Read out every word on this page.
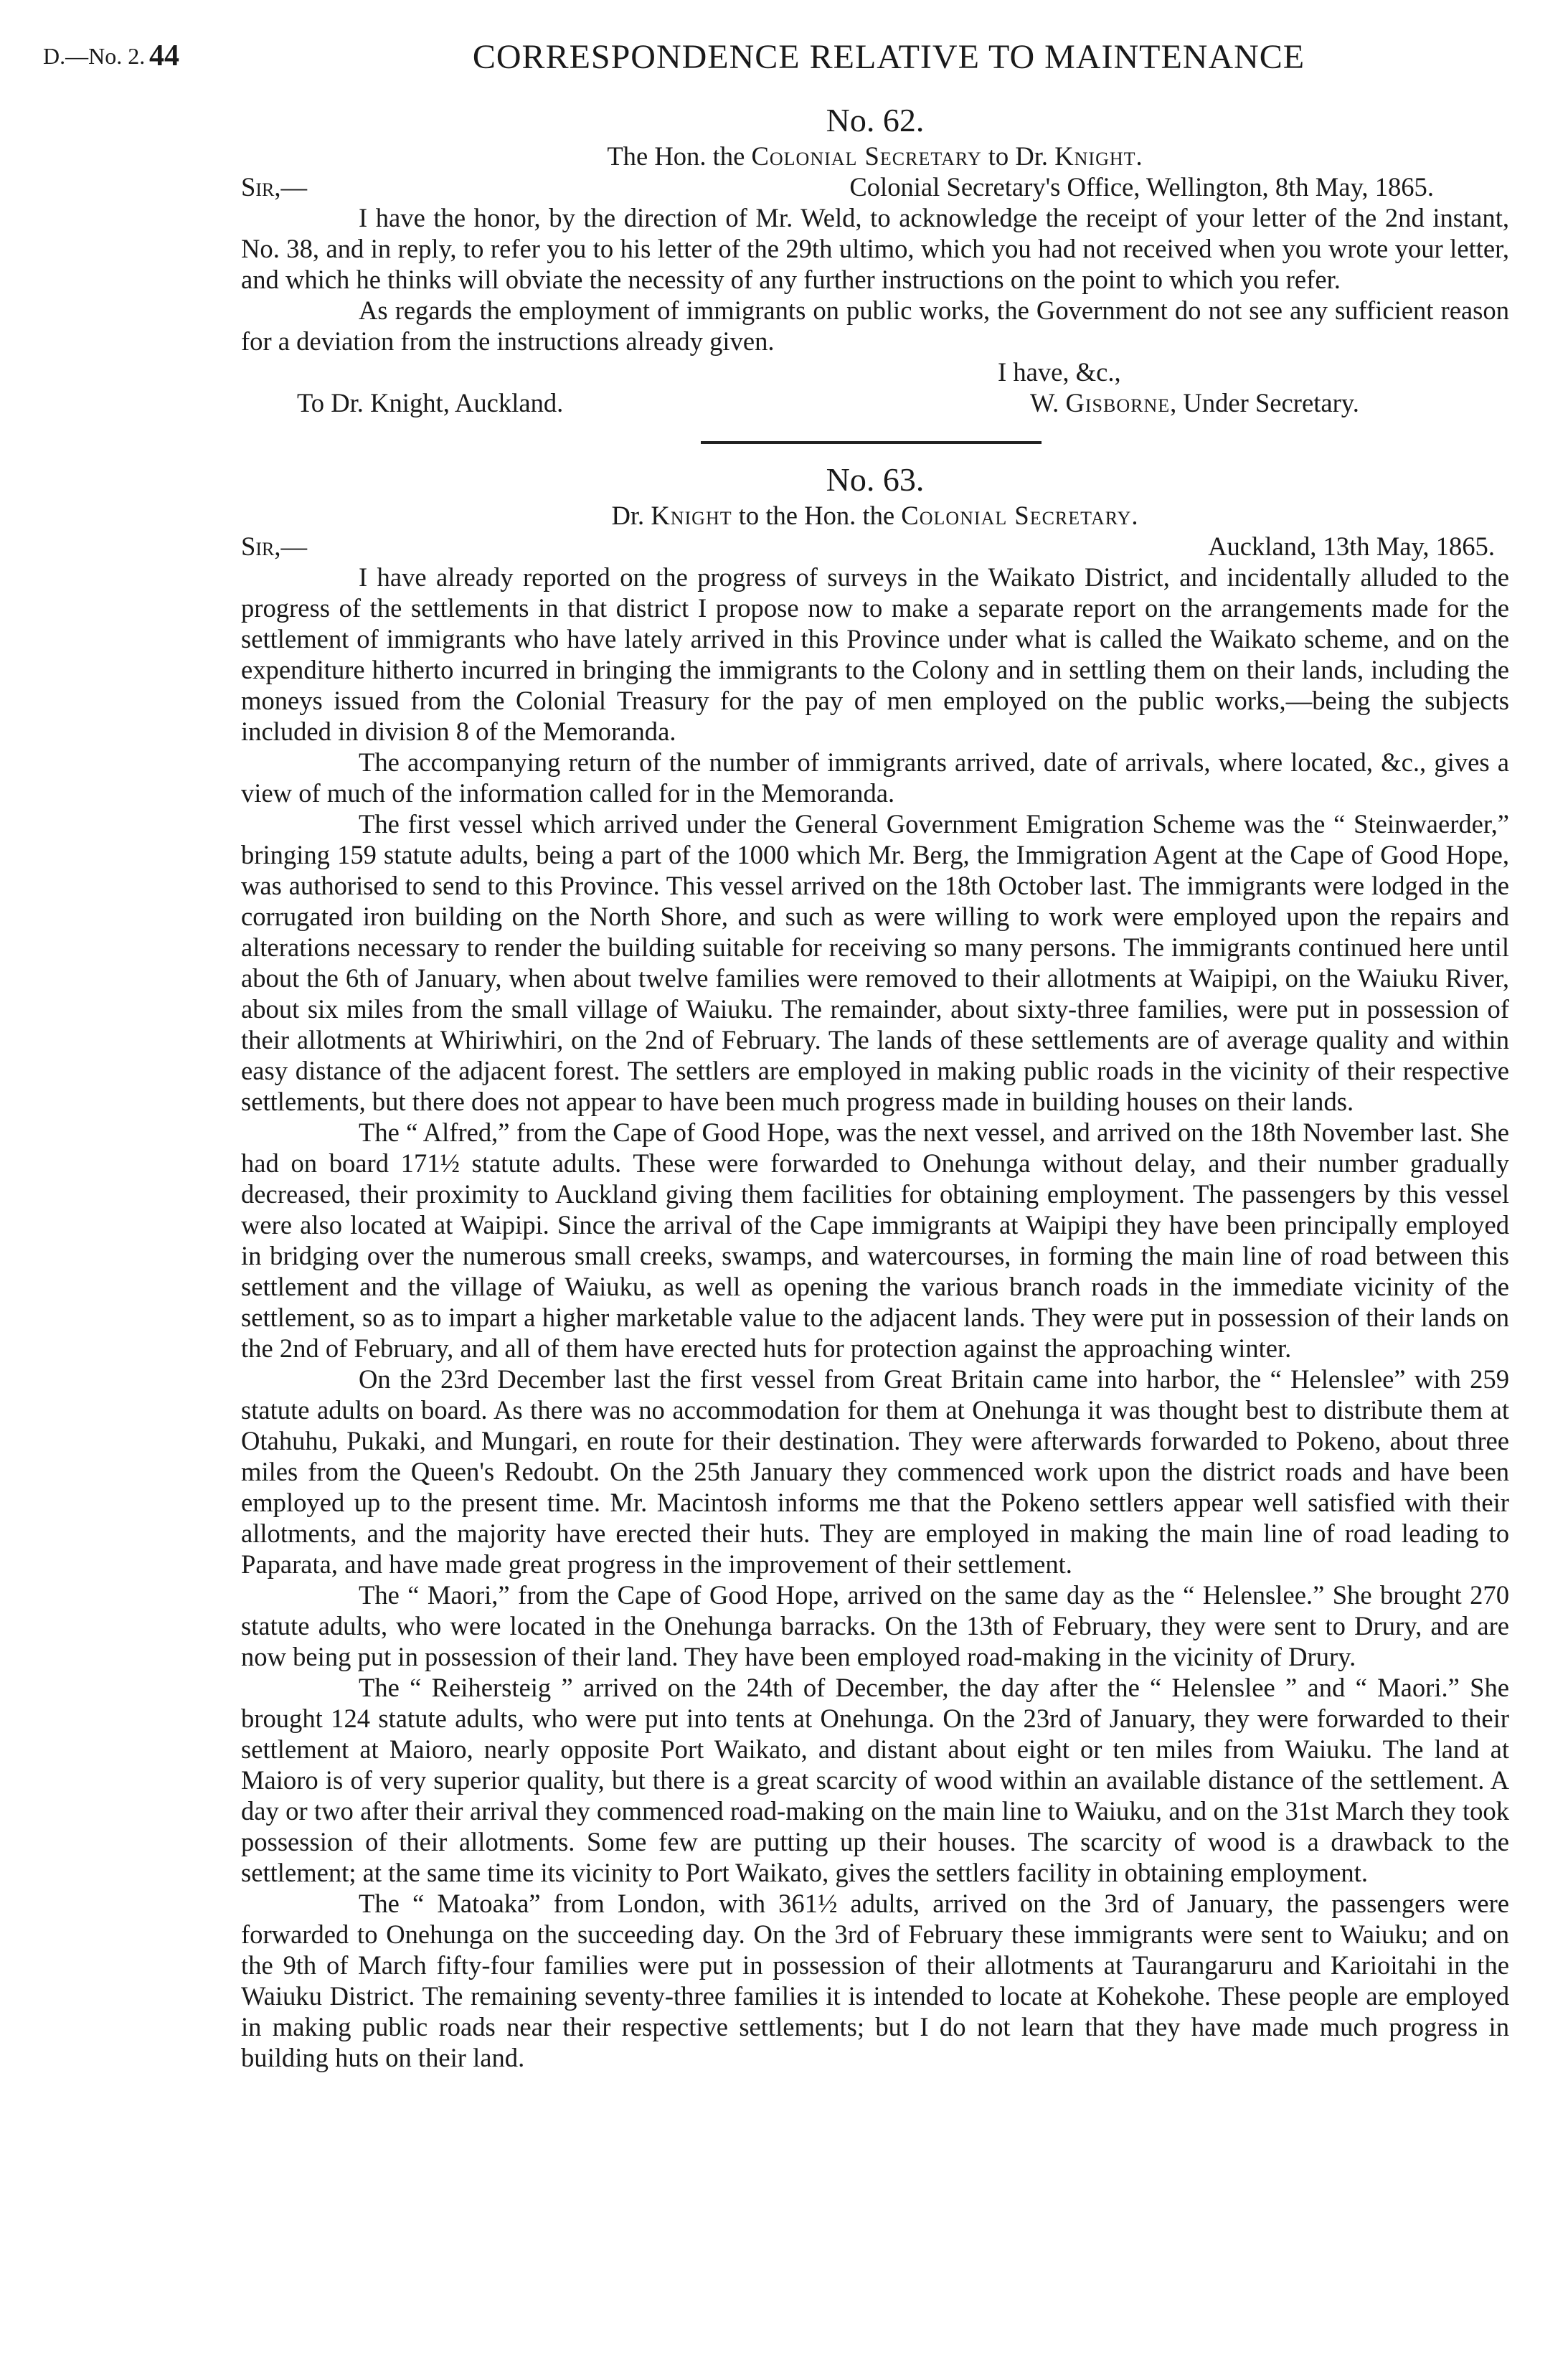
D.—No. 2. 44	CORRESPONDENCE RELATIVE TO MAINTENANCE
No. 62.
The Hon. the Colonial Secretary to Dr. Knight.
Sir,—	Colonial Secretary's Office, Wellington, 8th May, 1865.

I have the honor, by the direction of Mr. Weld, to acknowledge the receipt of your letter of the 2nd instant, No. 38, and in reply, to refer you to his letter of the 29th ultimo, which you had not received when you wrote your letter, and which he thinks will obviate the necessity of any further instructions on the point to which you refer.

As regards the employment of immigrants on public works, the Government do not see any sufficient reason for a deviation from the instructions already given.

I have, &c.,
To Dr. Knight, Auckland.	W. Gisborne, Under Secretary.
No. 63.
Dr. Knight to the Hon. the Colonial Secretary.
Sir,—	Auckland, 13th May, 1865.

I have already reported on the progress of surveys in the Waikato District, and incidentally alluded to the progress of the settlements in that district I propose now to make a separate report on the arrangements made for the settlement of immigrants who have lately arrived in this Province under what is called the Waikato scheme, and on the expenditure hitherto incurred in bringing the immigrants to the Colony and in settling them on their lands, including the moneys issued from the Colonial Treasury for the pay of men employed on the public works,—being the subjects included in division 8 of the Memoranda.

The accompanying return of the number of immigrants arrived, date of arrivals, where located, &c., gives a view of much of the information called for in the Memoranda.

The first vessel which arrived under the General Government Emigration Scheme was the “ Steinwaerder,” bringing 159 statute adults, being a part of the 1000 which Mr. Berg, the Immigration Agent at the Cape of Good Hope, was authorised to send to this Province. This vessel arrived on the 18th October last. The immigrants were lodged in the corrugated iron building on the North Shore, and such as were willing to work were employed upon the repairs and alterations necessary to render the building suitable for receiving so many persons. The immigrants continued here until about the 6th of January, when about twelve families were removed to their allotments at Waipipi, on the Waiuku River, about six miles from the small village of Waiuku. The remainder, about sixty-three families, were put in possession of their allotments at Whiriwhiri, on the 2nd of February. The lands of these settlements are of average quality and within easy distance of the adjacent forest. The settlers are employed in making public roads in the vicinity of their respective settlements, but there does not appear to have been much progress made in building houses on their lands.

The “ Alfred,” from the Cape of Good Hope, was the next vessel, and arrived on the 18th November last. She had on board 171½ statute adults. These were forwarded to Onehunga without delay, and their number gradually decreased, their proximity to Auckland giving them facilities for obtaining employment. The passengers by this vessel were also located at Waipipi. Since the arrival of the Cape immigrants at Waipipi they have been principally employed in bridging over the numerous small creeks, swamps, and watercourses, in forming the main line of road between this settlement and the village of Waiuku, as well as opening the various branch roads in the immediate vicinity of the settlement, so as to impart a higher marketable value to the adjacent lands. They were put in possession of their lands on the 2nd of February, and all of them have erected huts for protection against the approaching winter.

On the 23rd December last the first vessel from Great Britain came into harbor, the “ Helenslee” with 259 statute adults on board. As there was no accommodation for them at Onehunga it was thought best to distribute them at Otahuhu, Pukaki, and Mungari, en route for their destination. They were afterwards forwarded to Pokeno, about three miles from the Queen's Redoubt. On the 25th January they commenced work upon the district roads and have been employed up to the present time. Mr. Macintosh informs me that the Pokeno settlers appear well satisfied with their allotments, and the majority have erected their huts. They are employed in making the main line of road leading to Paparata, and have made great progress in the improvement of their settlement.

The “ Maori,” from the Cape of Good Hope, arrived on the same day as the “ Helenslee.” She brought 270 statute adults, who were located in the Onehunga barracks. On the 13th of February, they were sent to Drury, and are now being put in possession of their land. They have been employed road-making in the vicinity of Drury.

The “ Reihersteig ” arrived on the 24th of December, the day after the “ Helenslee ” and “ Maori.” She brought 124 statute adults, who were put into tents at Onehunga. On the 23rd of January, they were forwarded to their settlement at Maioro, nearly opposite Port Waikato, and distant about eight or ten miles from Waiuku. The land at Maioro is of very superior quality, but there is a great scarcity of wood within an available distance of the settlement. A day or two after their arrival they commenced road-making on the main line to Waiuku, and on the 31st March they took possession of their allotments. Some few are putting up their houses. The scarcity of wood is a drawback to the settlement; at the same time its vicinity to Port Waikato, gives the settlers facility in obtaining employment.

The “ Matoaka” from London, with 361½ adults, arrived on the 3rd of January, the passengers were forwarded to Onehunga on the succeeding day. On the 3rd of February these immigrants were sent to Waiuku; and on the 9th of March fifty-four families were put in possession of their allotments at Taurangaruru and Karioitahi in the Waiuku District. The remaining seventy-three families it is intended to locate at Kohekohe. These people are employed in making public roads near their respective settlements; but I do not learn that they have made much progress in building huts on their land.
